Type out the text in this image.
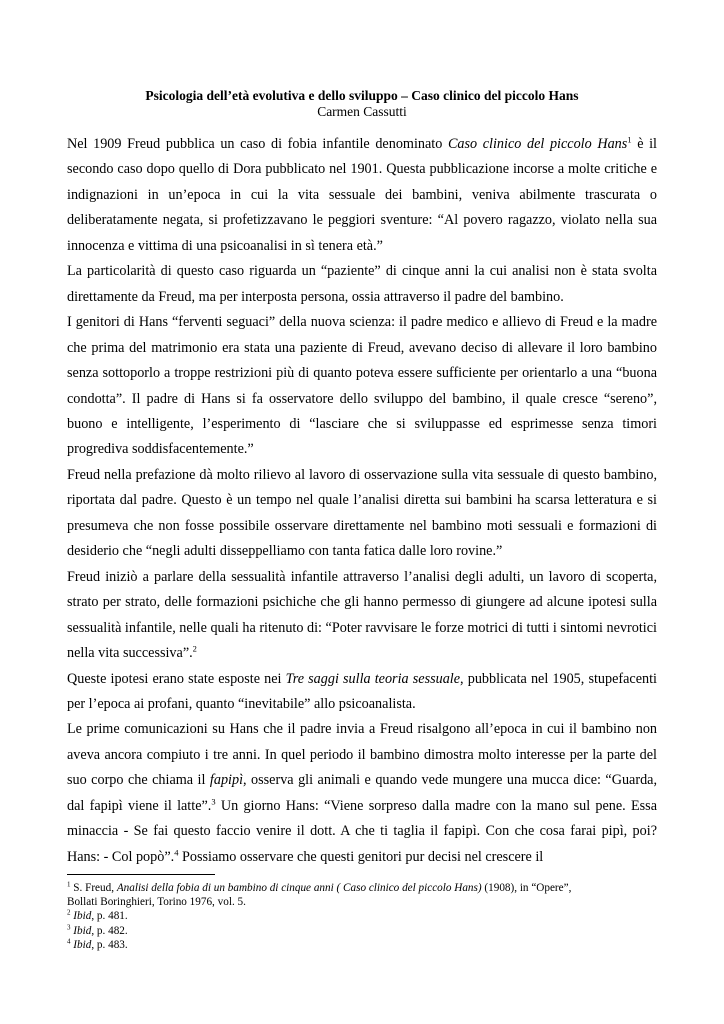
Psicologia dell’età evolutiva e dello sviluppo – Caso clinico del piccolo Hans
Carmen Cassutti

Nel 1909 Freud pubblica un caso di fobia infantile denominato Caso clinico del piccolo Hans$^1$ è il secondo caso dopo quello di Dora pubblicato nel 1901. Questa pubblicazione incorse a molte critiche e indignazioni in un’epoca in cui la vita sessuale dei bambini, veniva abilmente trascurata o deliberatamente negata, si profetizzavano le peggiori sventure: “Al povero ragazzo, violato nella sua innocenza e vittima di una psicoanalisi in sì tenera età.”

La particolarità di questo caso riguarda un “paziente” di cinque anni la cui analisi non è stata svolta direttamente da Freud, ma per interposta persona, ossia attraverso il padre del bambino.

I genitori di Hans “ferventi seguaci” della nuova scienza: il padre medico e allievo di Freud e la madre che prima del matrimonio era stata una paziente di Freud, avevano deciso di allevare il loro bambino senza sottoporlo a troppe restrizioni più di quanto poteva essere sufficiente per orientarlo a una “buona condotta”. Il padre di Hans si fa osservatore dello sviluppo del bambino, il quale cresce “sereno”, buono e intelligente, l’esperimento di “lasciare che si sviluppasse ed esprimesse senza timori progrediva soddisfacentemente.”

Freud nella prefazione dà molto rilievo al lavoro di osservazione sulla vita sessuale di questo bambino, riportata dal padre. Questo è un tempo nel quale l’analisi diretta sui bambini ha scarsa letteratura e si presumeva che non fosse possibile osservare direttamente nel bambino moti sessuali e formazioni di desiderio che “negli adulti disseppelliamo con tanta fatica dalle loro rovine.”

Freud iniziò a parlare della sessualità infantile attraverso l’analisi degli adulti, un lavoro di scoperta, strato per strato, delle formazioni psichiche che gli hanno permesso di giungere ad alcune ipotesi sulla sessualità infantile, nelle quali ha ritenuto di: “Poter ravvisare le forze motrici di tutti i sintomi nevrotici nella vita successiva”.$^2$

Queste ipotesi erano state esposte nei Tre saggi sulla teoria sessuale, pubblicata nel 1905, stupefacenti per l’epoca ai profani, quanto “inevitabile” allo psicoanalista.

Le prime comunicazioni su Hans che il padre invia a Freud risalgono all’epoca in cui il bambino non aveva ancora compiuto i tre anni. In quel periodo il bambino dimostra molto interesse per la parte del suo corpo che chiama il fapipì, osserva gli animali e quando vede mungere una mucca dice: “Guarda, dal fapipì viene il latte”.$^3$ Un giorno Hans: “Viene sorpreso dalla madre con la mano sul pene. Essa minaccia - Se fai questo faccio venire il dott. A che ti taglia il fapipì. Con che cosa farai pipì, poi? Hans: - Col popò”.$^4$ Possiamo osservare che questi genitori pur decisi nel crescere il

$^1$ S. Freud, Analisi della fobia di un bambino di cinque anni ( Caso clinico del piccolo Hans) (1908), in “Opere”,
Bollati Boringhieri, Torino 1976, vol. 5.
$^2$ Ibid, p. 481.
$^3$ Ibid, p. 482.
$^4$ Ibid, p. 483.
